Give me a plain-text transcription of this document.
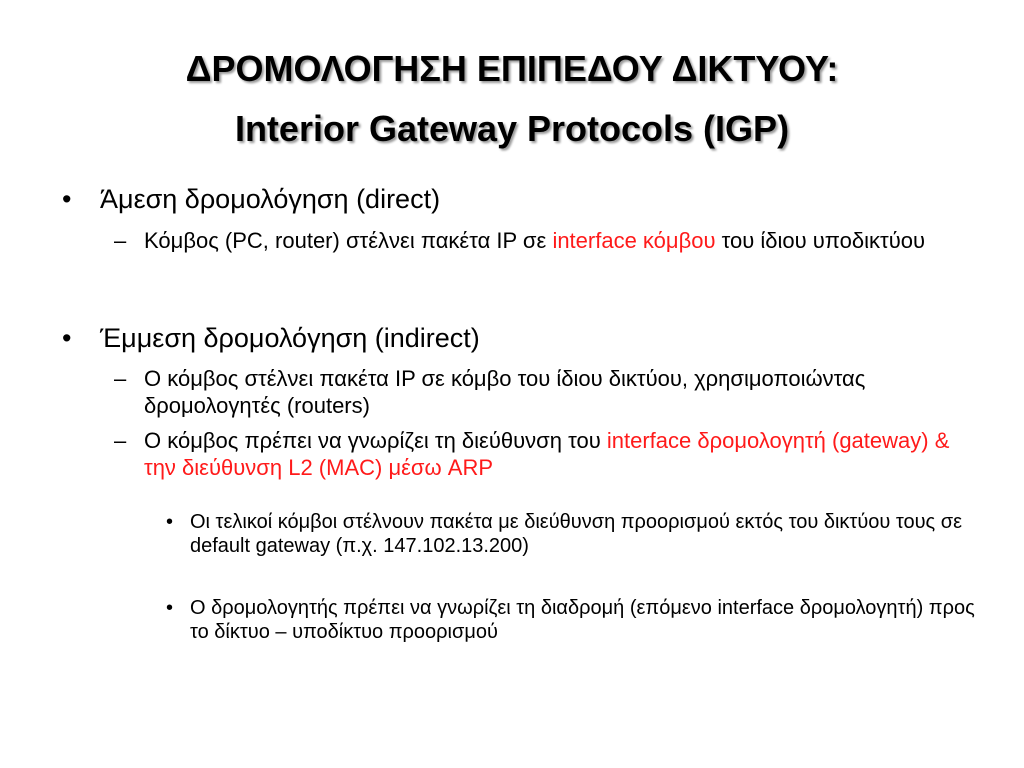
ΔΡΟΜΟΛΟΓΗΣΗ ΕΠΙΠΕΔΟΥ ΔΙΚΤΥΟΥ:
Interior Gateway Protocols (IGP)
• Άμεση δρομολόγηση (direct)
– Κόμβος (PC, router) στέλνει πακέτα IP σε interface κόμβου του ίδιου υποδικτύου
• Έμμεση δρομολόγηση (indirect)
– Ο κόμβος στέλνει πακέτα IP σε κόμβο του ίδιου δικτύου, χρησιμοποιώντας δρομολογητές (routers)
– Ο κόμβος πρέπει να γνωρίζει τη διεύθυνση του interface δρομολογητή (gateway) & την διεύθυνση L2 (MAC) μέσω ARP
• Οι τελικοί κόμβοι στέλνουν πακέτα με διεύθυνση προορισμού εκτός του δικτύου τους σε default gateway (π.χ. 147.102.13.200)
• Ο δρομολογητής πρέπει να γνωρίζει τη διαδρομή (επόμενο interface δρομολογητή) προς το δίκτυο – υποδίκτυο προορισμού
